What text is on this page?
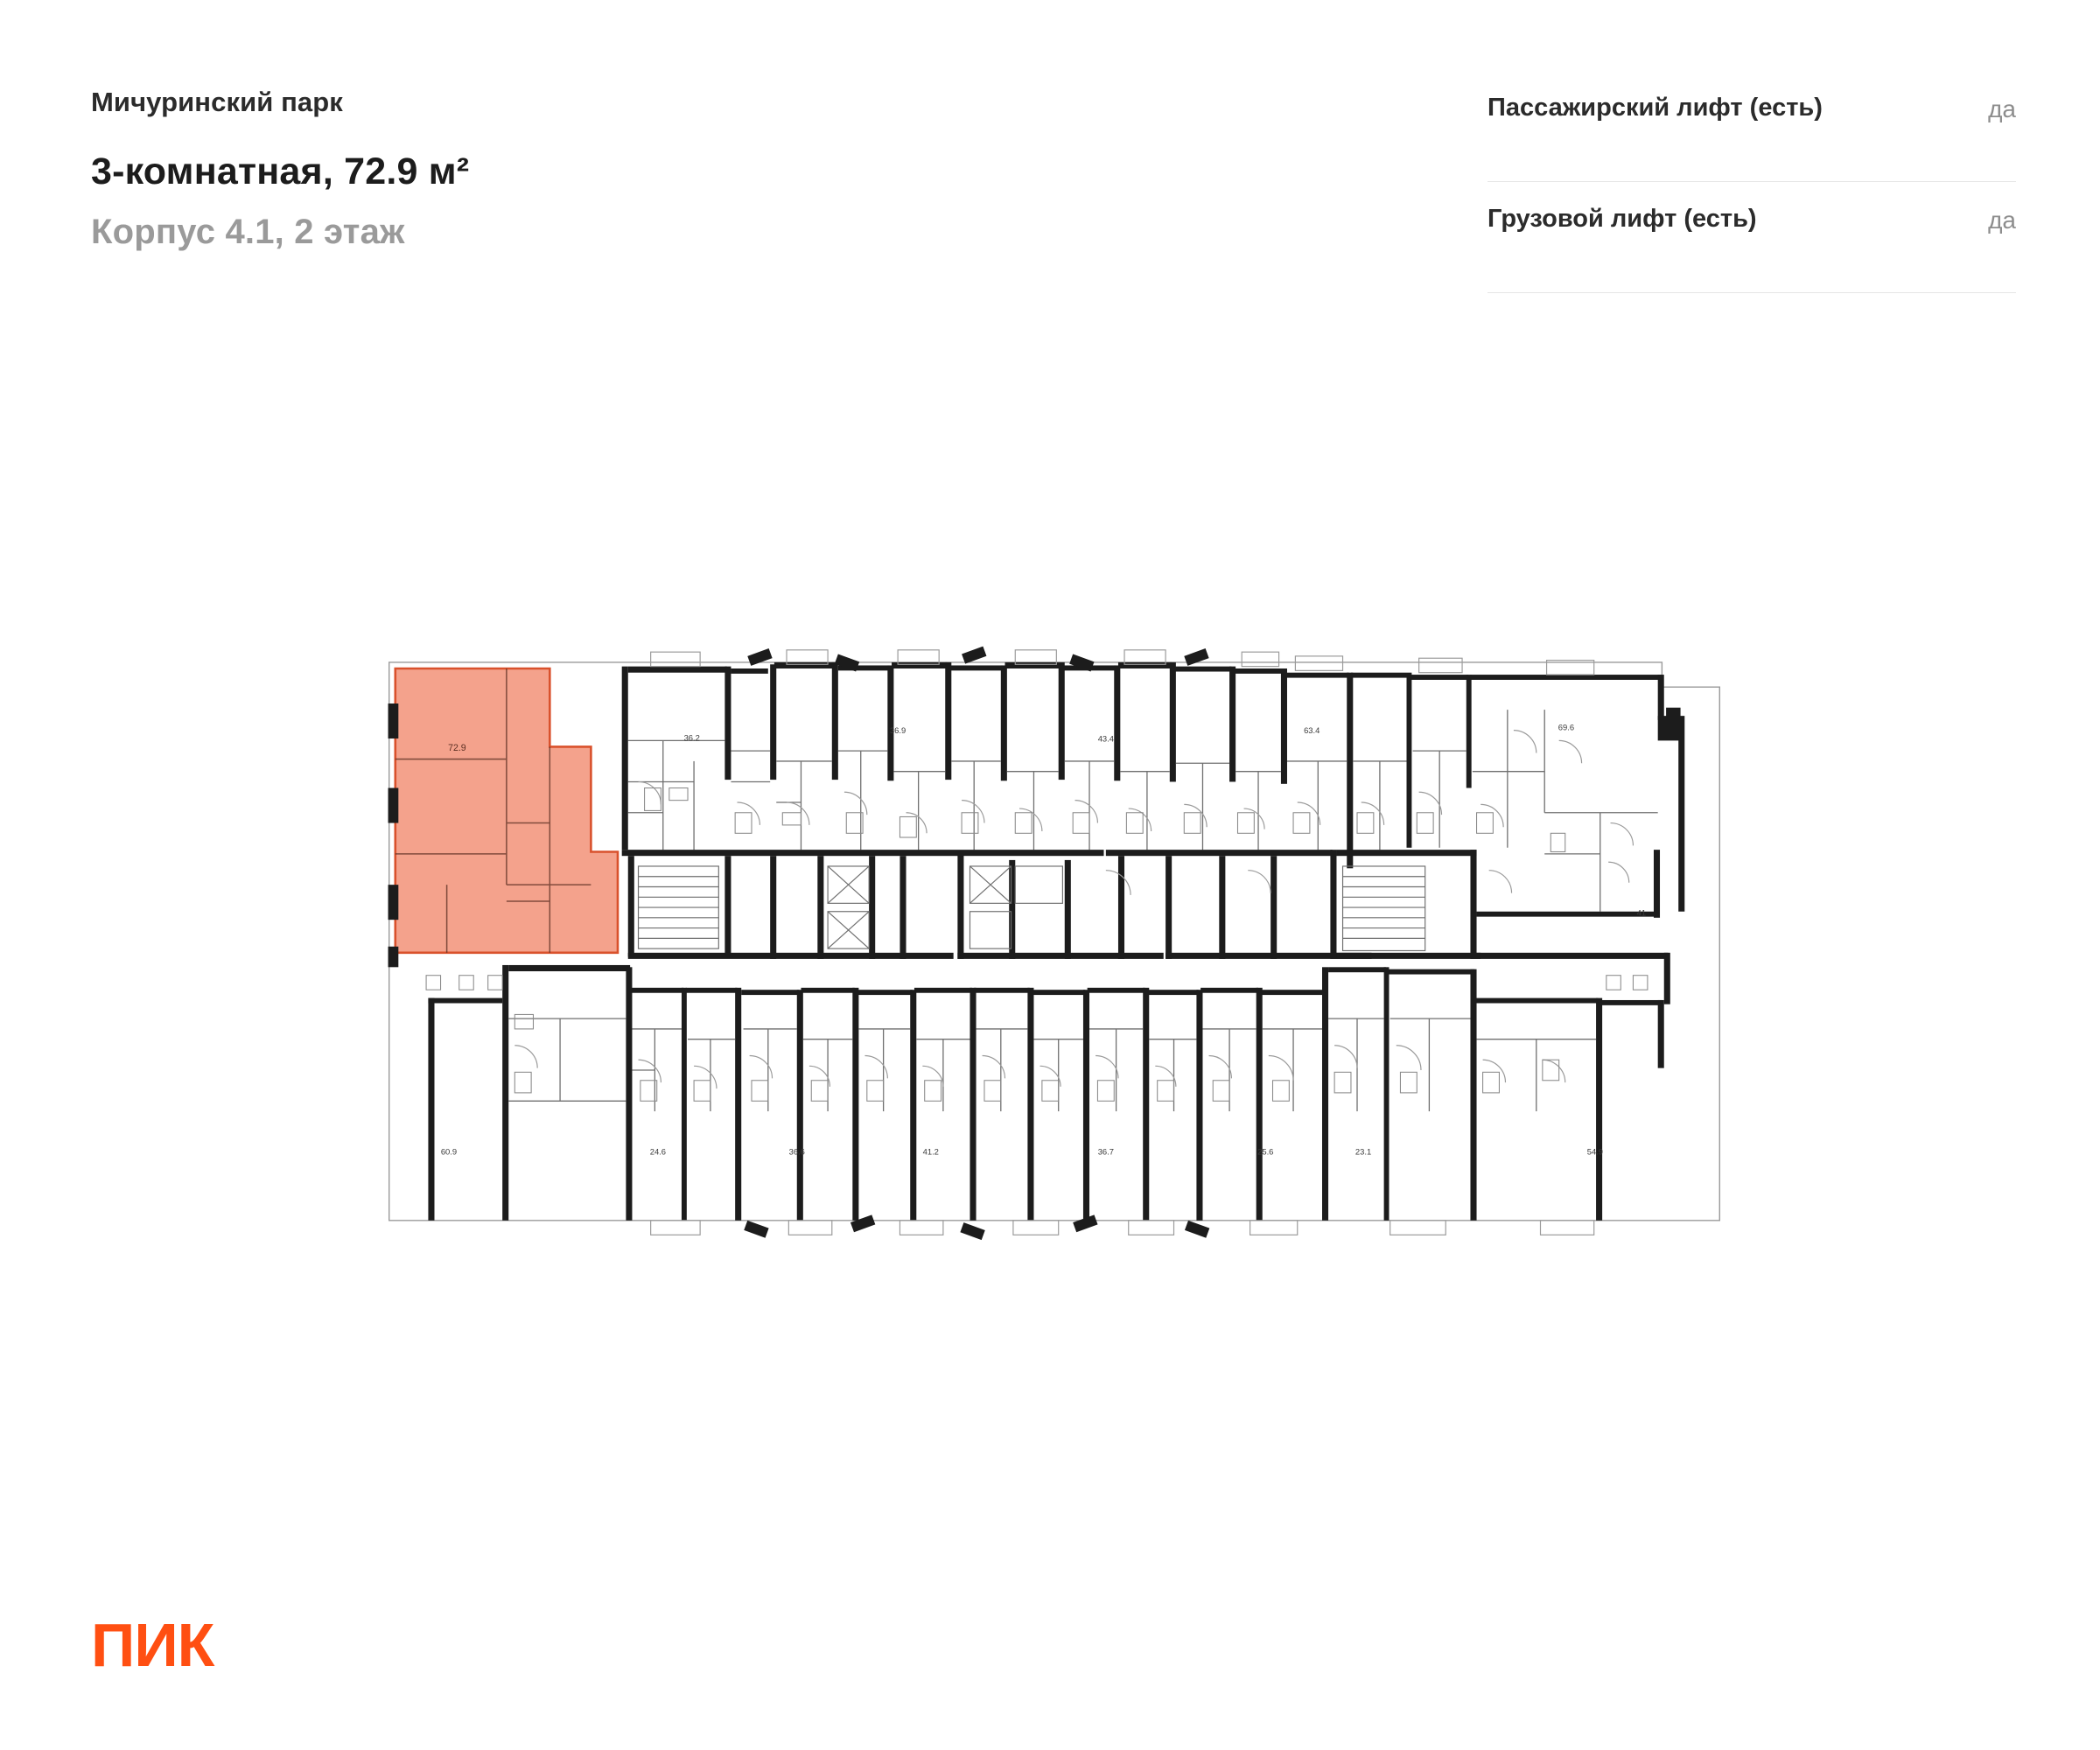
Мичуринский парк
3-комнатная, 72.9 м²
Корпус 4.1, 2 этаж
Пассажирский лифт (есть)	да
Грузовой лифт (есть)	да
72.9
36.2
36.9
43.4
63.4	69.6
41
60.9	24.6	36.6	41.2	36.7	25.6	23.1	54.9
ПИК
